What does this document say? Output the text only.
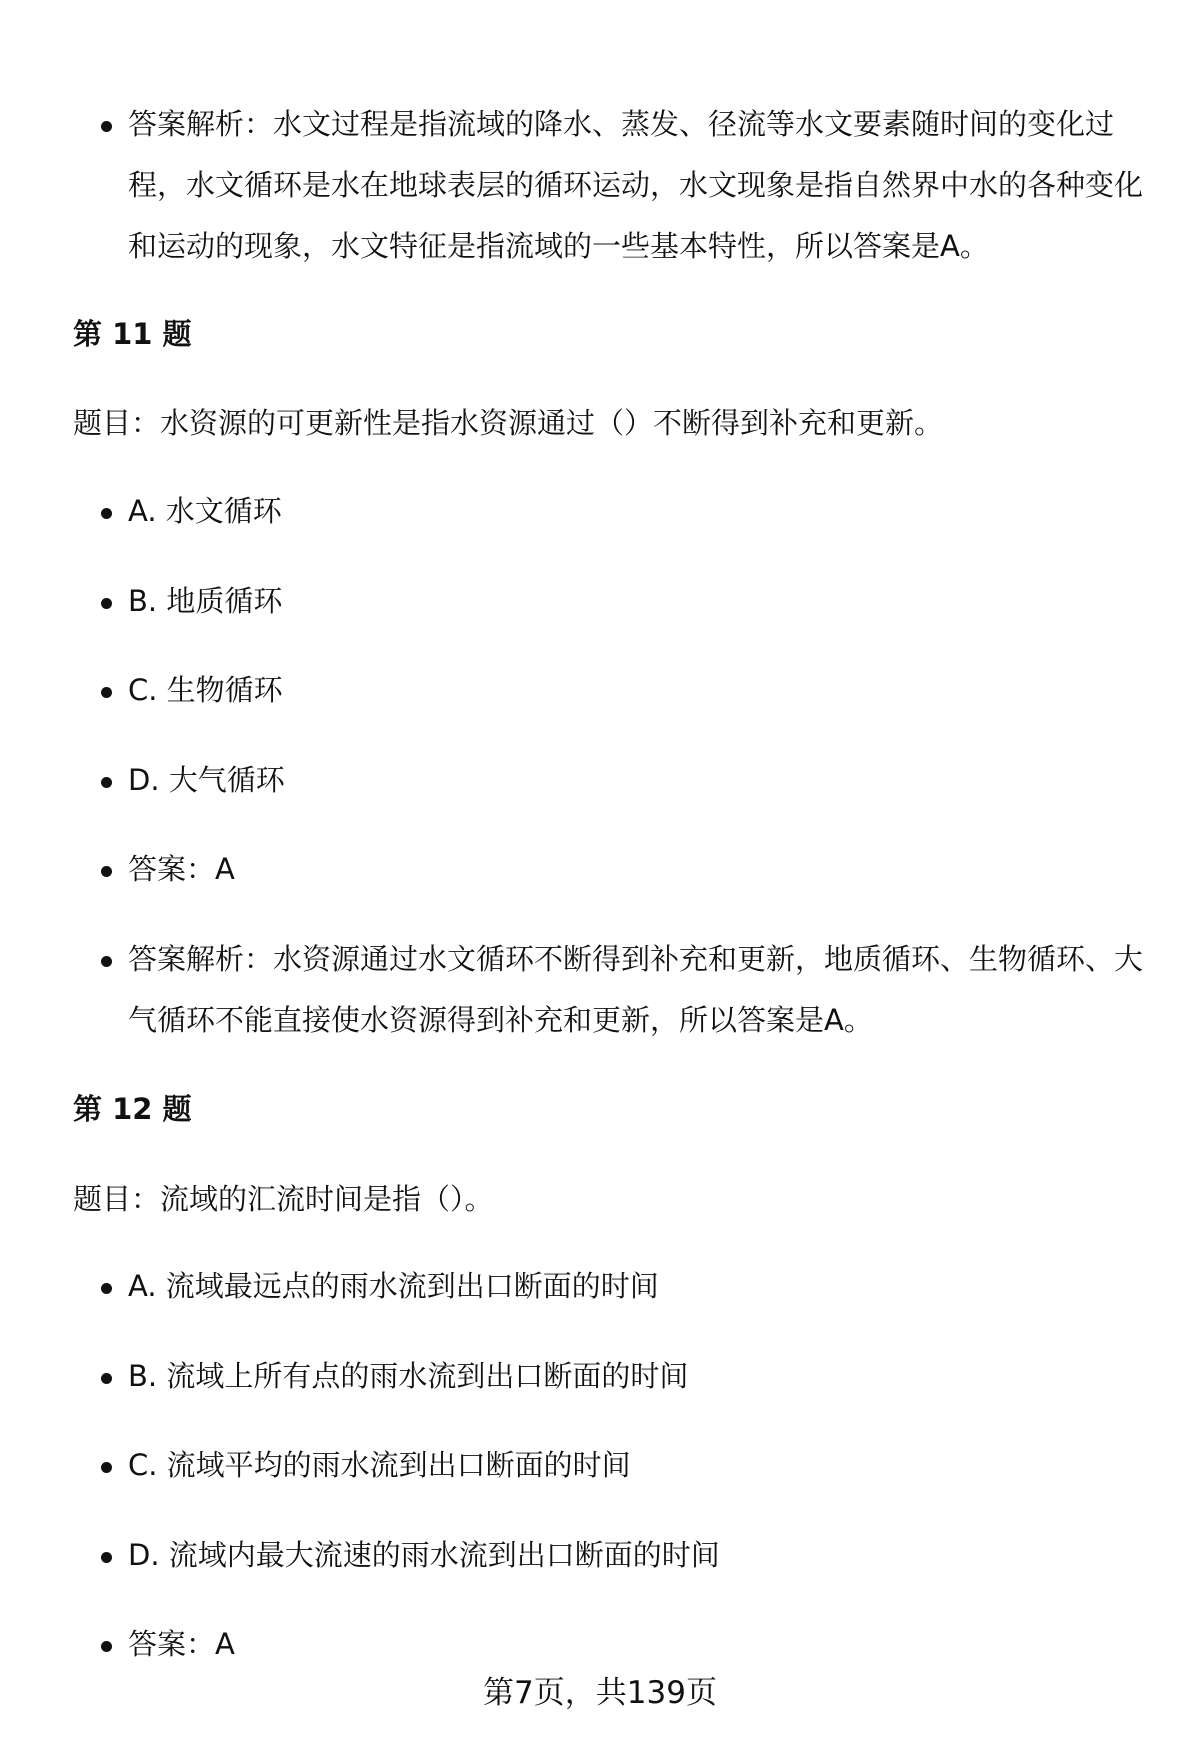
答案解析：水文过程是指流域的降水、蒸发、径流等水文要素随时间的变化过程，水文循环是水在地球表层的循环运动，水文现象是指自然界中水的各种变化和运动的现象，水文特征是指流域的一些基本特性，所以答案是A。
第 11 题
题目：水资源的可更新性是指水资源通过（）不断得到补充和更新。
A. 水文循环
B. 地质循环
C. 生物循环
D. 大气循环
答案：A
答案解析：水资源通过水文循环不断得到补充和更新，地质循环、生物循环、大气循环不能直接使水资源得到补充和更新，所以答案是A。
第 12 题
题目：流域的汇流时间是指（）。
A. 流域最远点的雨水流到出口断面的时间
B. 流域上所有点的雨水流到出口断面的时间
C. 流域平均的雨水流到出口断面的时间
D. 流域内最大流速的雨水流到出口断面的时间
答案：A
第7页，共139页
